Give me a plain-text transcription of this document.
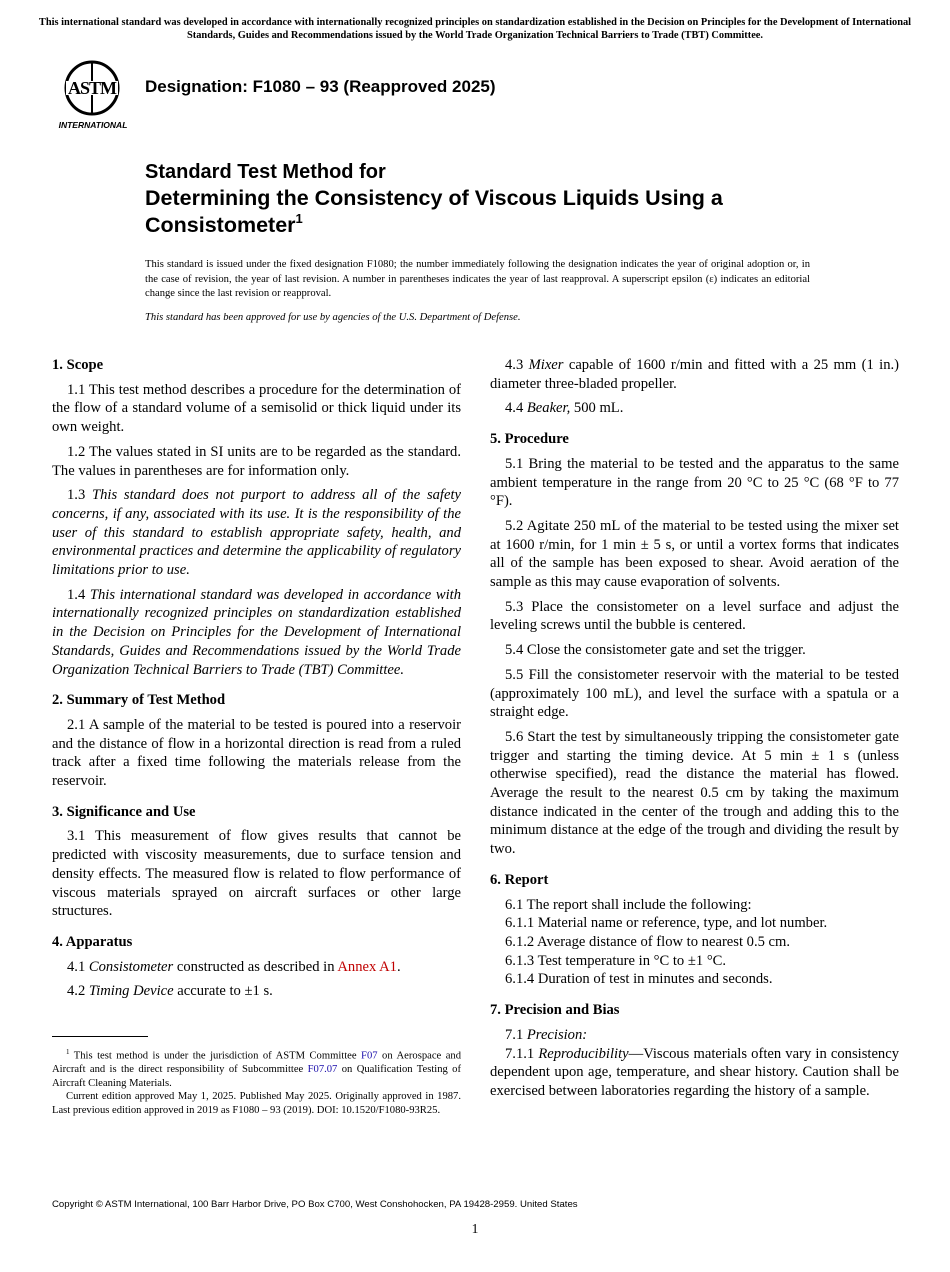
This international standard was developed in accordance with internationally recognized principles on standardization established in the Decision on Principles for the Development of International Standards, Guides and Recommendations issued by the World Trade Organization Technical Barriers to Trade (TBT) Committee.
ASTM
INTERNATIONAL
Designation: F1080 – 93 (Reapproved 2025)
Standard Test Method for
Determining the Consistency of Viscous Liquids Using a Consistometer$^1$
This standard is issued under the fixed designation F1080; the number immediately following the designation indicates the year of original adoption or, in the case of revision, the year of last revision. A number in parentheses indicates the year of last reapproval. A superscript epsilon (ε) indicates an editorial change since the last revision or reapproval.
This standard has been approved for use by agencies of the U.S. Department of Defense.

1. Scope

1.1 This test method describes a procedure for the determination of the flow of a standard volume of a semisolid or thick liquid under its own weight.

1.2 The values stated in SI units are to be regarded as the standard. The values in parentheses are for information only.

1.3 This standard does not purport to address all of the safety concerns, if any, associated with its use. It is the responsibility of the user of this standard to establish appropriate safety, health, and environmental practices and determine the applicability of regulatory limitations prior to use.

1.4 This international standard was developed in accordance with internationally recognized principles on standardization established in the Decision on Principles for the Development of International Standards, Guides and Recommendations issued by the World Trade Organization Technical Barriers to Trade (TBT) Committee.

2. Summary of Test Method

2.1 A sample of the material to be tested is poured into a reservoir and the distance of flow in a horizontal direction is read from a ruled track after a fixed time following the materials release from the reservoir.

3. Significance and Use

3.1 This measurement of flow gives results that cannot be predicted with viscosity measurements, due to surface tension and density effects. The measured flow is related to flow performance of viscous materials sprayed on aircraft surfaces or other large structures.

4. Apparatus

4.1 Consistometer constructed as described in Annex A1.

4.2 Timing Device accurate to ±1 s.

4.3 Mixer capable of 1600 r/min and fitted with a 25 mm (1 in.) diameter three-bladed propeller.

4.4 Beaker, 500 mL.

5. Procedure

5.1 Bring the material to be tested and the apparatus to the same ambient temperature in the range from 20 °C to 25 °C (68 °F to 77 °F).

5.2 Agitate 250 mL of the material to be tested using the mixer set at 1600 r/min, for 1 min ± 5 s, or until a vortex forms that indicates all of the sample has been exposed to shear. Avoid aeration of the sample as this may cause evaporation of solvents.

5.3 Place the consistometer on a level surface and adjust the leveling screws until the bubble is centered.

5.4 Close the consistometer gate and set the trigger.

5.5 Fill the consistometer reservoir with the material to be tested (approximately 100 mL), and level the surface with a spatula or a straight edge.

5.6 Start the test by simultaneously tripping the consistometer gate trigger and starting the timing device. At 5 min ± 1 s (unless otherwise specified), read the distance the material has flowed. Average the result to the nearest 0.5 cm by taking the maximum distance indicated in the center of the trough and adding this to the minimum distance at the edge of the trough and dividing the result by two.

6. Report

6.1 The report shall include the following:

6.1.1 Material name or reference, type, and lot number.

6.1.2 Average distance of flow to nearest 0.5 cm.

6.1.3 Test temperature in °C to ±1 °C.

6.1.4 Duration of test in minutes and seconds.

7. Precision and Bias

7.1 Precision:

7.1.1 Reproducibility—Viscous materials often vary in consistency dependent upon age, temperature, and shear history. Caution shall be exercised between laboratories regarding the history of a sample.

$^1$ This test method is under the jurisdiction of ASTM Committee F07 on Aerospace and Aircraft and is the direct responsibility of Subcommittee F07.07 on Qualification Testing of Aircraft Cleaning Materials.

Current edition approved May 1, 2025. Published May 2025. Originally approved in 1987. Last previous edition approved in 2019 as F1080 – 93 (2019). DOI: 10.1520/F1080-93R25.

Copyright © ASTM International, 100 Barr Harbor Drive, PO Box C700, West Conshohocken, PA 19428-2959. United States
1
